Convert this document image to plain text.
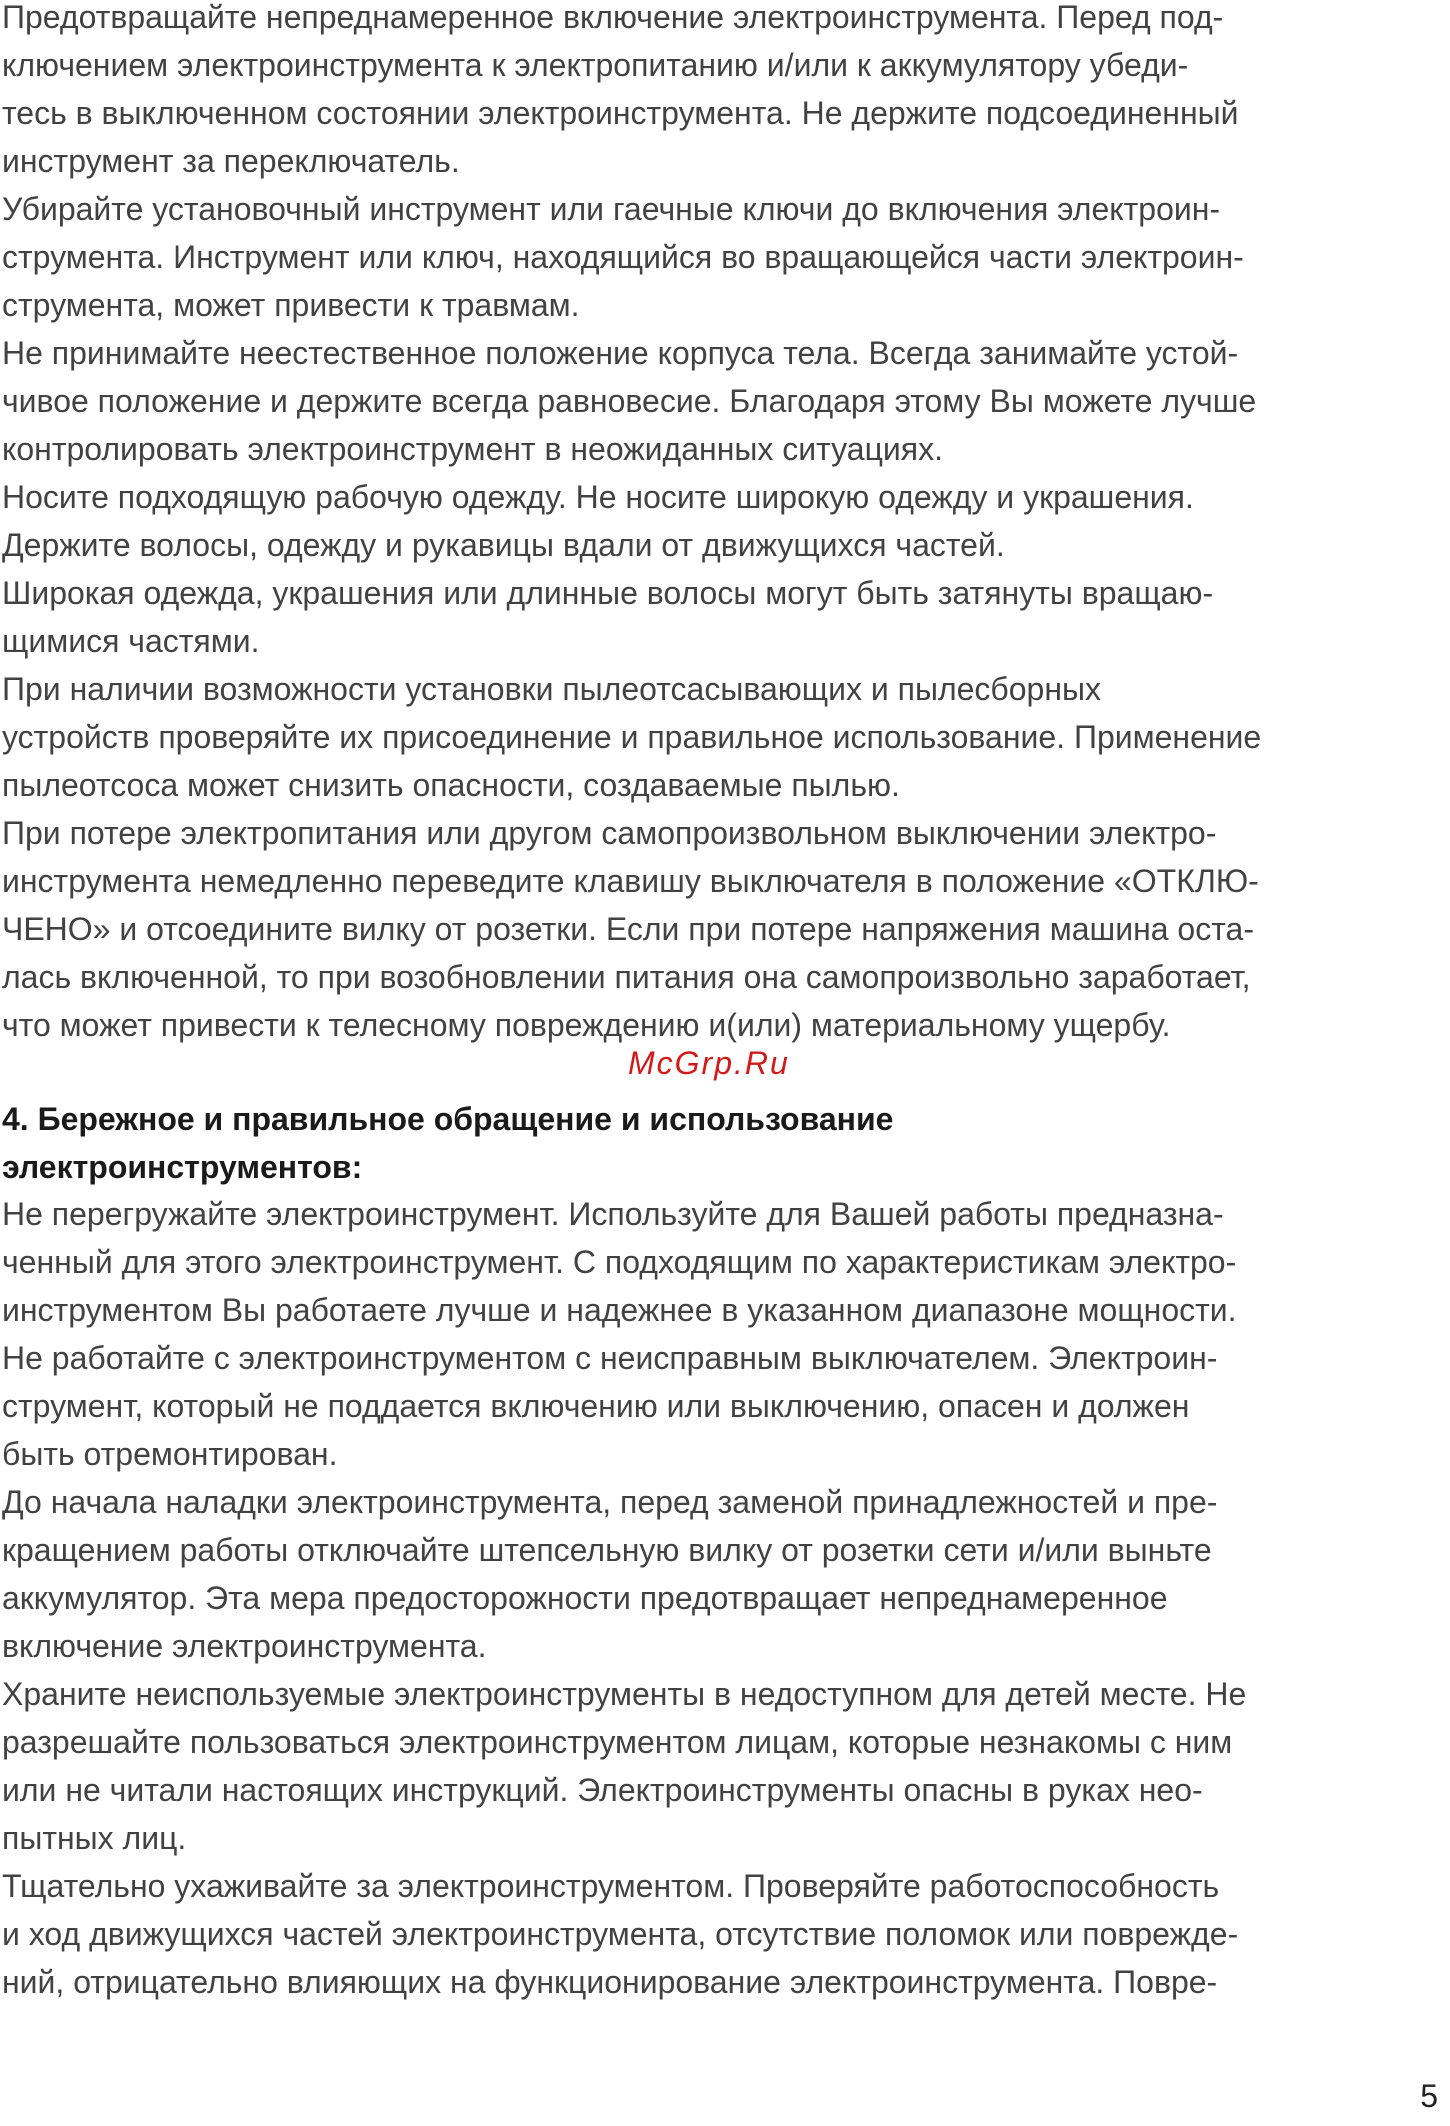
Предотвращайте непреднамеренное включение электроинструмента. Перед под-
ключением электроинструмента к электропитанию и/или к аккумулятору убеди-
тесь в выключенном состоянии электроинструмента. Не держите подсоединенный
инструмент за переключатель.
Убирайте установочный инструмент или гаечные ключи до включения электроин-
струмента. Инструмент или ключ, находящийся во вращающейся части электроин-
струмента, может привести к травмам.
Не принимайте неестественное положение корпуса тела. Всегда занимайте устой-
чивое положение и держите всегда равновесие. Благодаря этому Вы можете лучше
контролировать электроинструмент в неожиданных ситуациях.
Носите подходящую рабочую одежду. Не носите широкую одежду и украшения.
Держите волосы, одежду и рукавицы вдали от движущихся частей.
Широкая одежда, украшения или длинные волосы могут быть затянуты вращаю-
щимися частями.
При наличии возможности установки пылеотсасывающих и пылесборных
устройств проверяйте их присоединение и правильное использование. Применение
пылеотсоса может снизить опасности, создаваемые пылью.
При потере электропитания или другом самопроизвольном выключении электро-
инструмента немедленно переведите клавишу выключателя в положение «ОТКЛЮ-
ЧЕНО» и отсоедините вилку от розетки. Если при потере напряжения машина оста-
лась включенной, то при возобновлении питания она самопроизвольно заработает,
что может привести к телесному повреждению и(или) материальному ущербу.
McGrp.Ru
4. Бережное и правильное обращение и использование
электроинструментов:
Не перегружайте электроинструмент. Используйте для Вашей работы предназна-
ченный для этого электроинструмент. С подходящим по характеристикам электро-
инструментом Вы работаете лучше и надежнее в указанном диапазоне мощности.
Не работайте с электроинструментом с неисправным выключателем. Электроин-
струмент, который не поддается включению или выключению, опасен и должен
быть отремонтирован.
До начала наладки электроинструмента, перед заменой принадлежностей и пре-
кращением работы отключайте штепсельную вилку от розетки сети и/или выньте
аккумулятор. Эта мера предосторожности предотвращает непреднамеренное
включение электроинструмента.
Храните неиспользуемые электроинструменты в недоступном для детей месте. Не
разрешайте пользоваться электроинструментом лицам, которые незнакомы с ним
или не читали настоящих инструкций. Электроинструменты опасны в руках нео-
пытных лиц.
Тщательно ухаживайте за электроинструментом. Проверяйте работоспособность
и ход движущихся частей электроинструмента, отсутствие поломок или поврежде-
ний, отрицательно влияющих на функционирование электроинструмента. Повре-
5
